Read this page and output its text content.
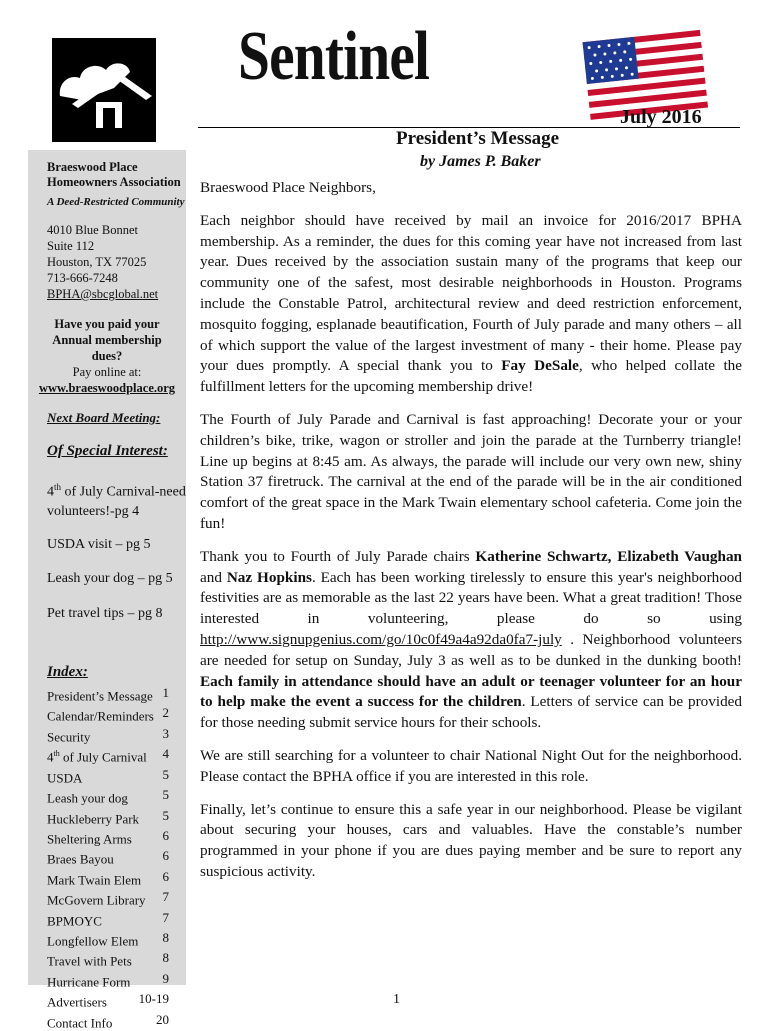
Sentinel
July 2016
Braeswood Place
Homeowners Association
A Deed-Restricted Community
4010 Blue Bonnet
Suite 112
Houston, TX 77025
713-666-7248
BPHA@sbcglobal.net
Have you paid your
Annual membership
dues?
Pay online at:
www.braeswoodplace.org
Next Board Meeting:
Of Special Interest:
4th of July Carnival-need volunteers!-pg 4
USDA visit – pg 5
Leash your dog – pg 5
Pet travel tips – pg 8
Index:
President’s Message 1
Calendar/Reminders 2
Security	3
4th of July Carnival 4
USDA	5
Leash your dog	5
Huckleberry Park 5
Sheltering Arms 6
Braes Bayou	6
Mark Twain Elem 6
McGovern Library 7
BPMOYC	7
Longfellow Elem 8
Travel with Pets 8
Hurricane Form 9
Advertisers 10-19
Contact Info	20
President’s Message
by James P. Baker

Braeswood Place Neighbors,

Each neighbor should have received by mail an invoice for 2016/2017 BPHA membership. As a reminder, the dues for this coming year have not increased from last year. Dues received by the association sustain many of the programs that keep our community one of the safest, most desirable neighborhoods in Houston. Programs include the Constable Patrol, architectural review and deed restriction enforcement, mosquito fogging, esplanade beautification, Fourth of July parade and many others – all of which support the value of the largest investment of many - their home. Please pay your dues promptly. A special thank you to Fay DeSale, who helped collate the fulfillment letters for the upcoming membership drive!

The Fourth of July Parade and Carnival is fast approaching! Decorate your or your children’s bike, trike, wagon or stroller and join the parade at the Turnberry triangle! Line up begins at 8:45 am. As always, the parade will include our very own new, shiny Station 37 firetruck. The carnival at the end of the parade will be in the air conditioned comfort of the great space in the Mark Twain elementary school cafeteria. Come join the fun!

Thank you to Fourth of July Parade chairs Katherine Schwartz, Elizabeth Vaughan and Naz Hopkins. Each has been working tirelessly to ensure this year's neighborhood festivities are as memorable as the last 22 years have been. What a great tradition! Those interested in volunteering, please do so using http://www.signupgenius.com/go/10c0f49a4a92da0fa7-july . Neighborhood volunteers are needed for setup on Sunday, July 3 as well as to be dunked in the dunking booth! Each family in attendance should have an adult or teenager volunteer for an hour to help make the event a success for the children. Letters of service can be provided for those needing submit service hours for their schools.

We are still searching for a volunteer to chair National Night Out for the neighborhood. Please contact the BPHA office if you are interested in this role.

Finally, let’s continue to ensure this a safe year in our neighborhood. Please be vigilant about securing your houses, cars and valuables. Have the constable’s number programmed in your phone if you are dues paying member and be sure to report any suspicious activity.

1
